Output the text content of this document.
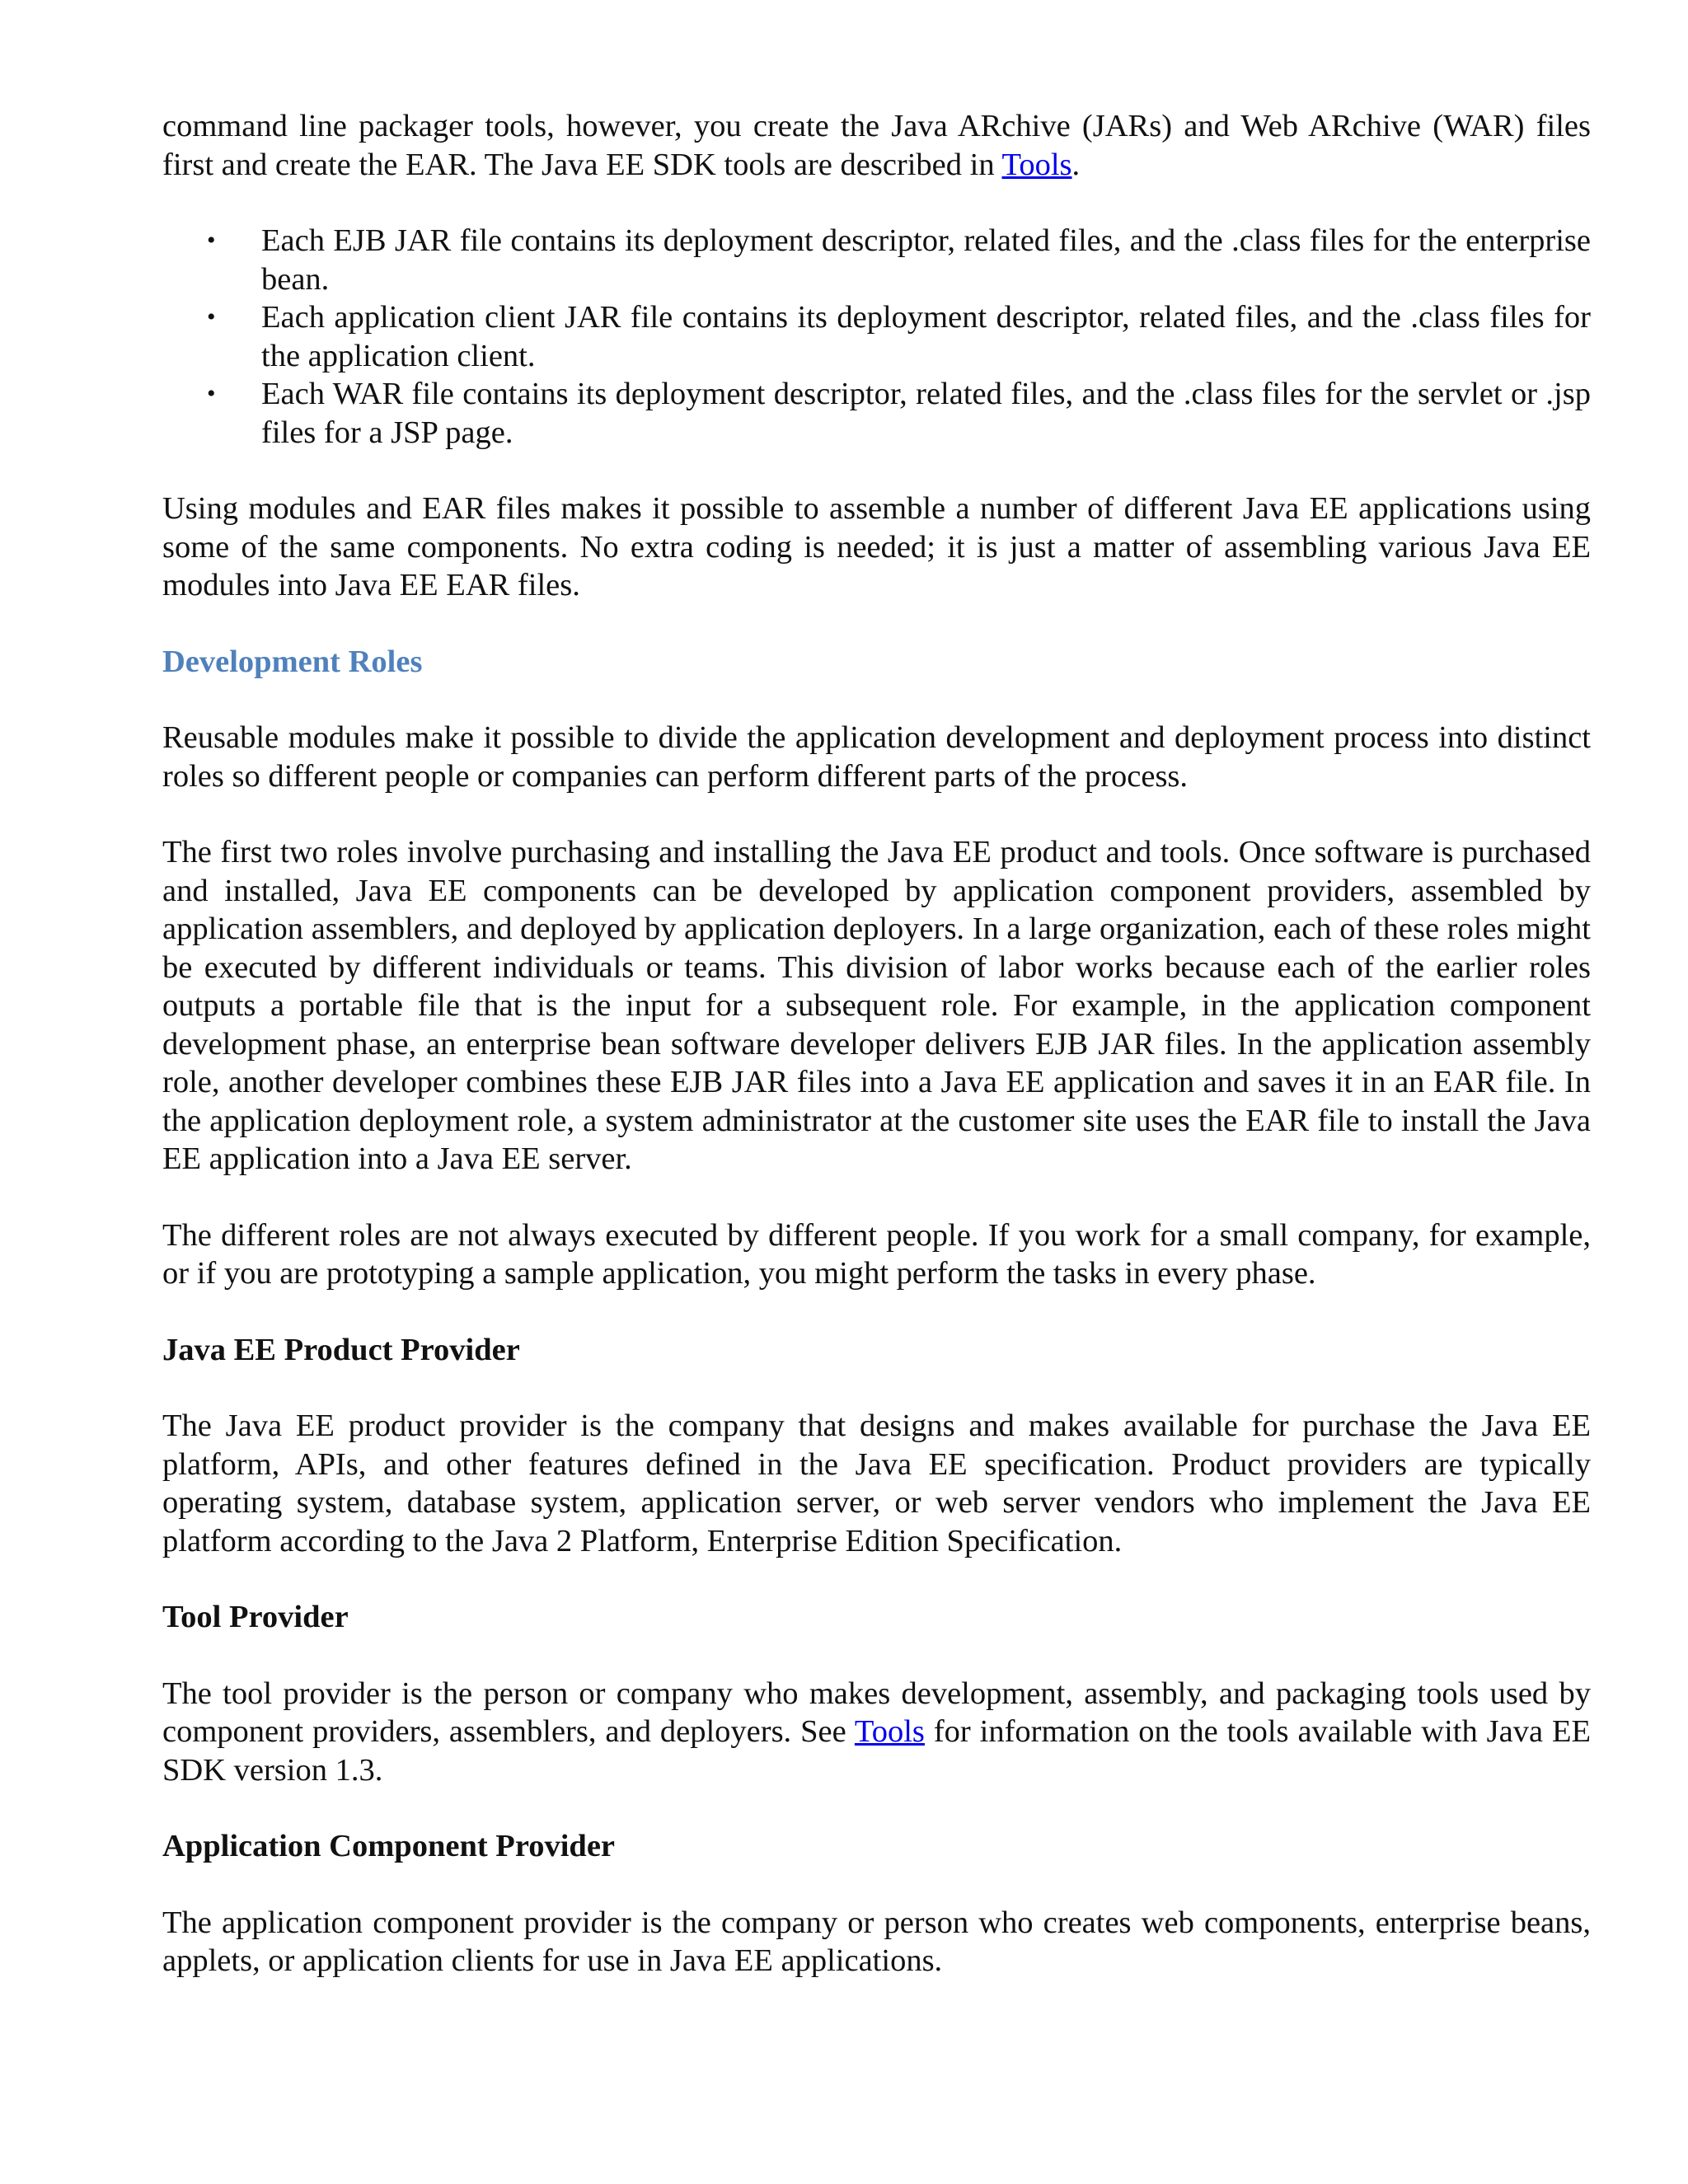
command line packager tools, however, you create the Java ARchive (JARs) and Web ARchive (WAR) files first and create the EAR. The Java EE SDK tools are described in Tools.

• Each EJB JAR file contains its deployment descriptor, related files, and the .class files for the enterprise bean.
• Each application client JAR file contains its deployment descriptor, related files, and the .class files for the application client.
• Each WAR file contains its deployment descriptor, related files, and the .class files for the servlet or .jsp files for a JSP page.

Using modules and EAR files makes it possible to assemble a number of different Java EE applications using some of the same components. No extra coding is needed; it is just a matter of assembling various Java EE modules into Java EE EAR files.

Development Roles

Reusable modules make it possible to divide the application development and deployment process into distinct roles so different people or companies can perform different parts of the process.

The first two roles involve purchasing and installing the Java EE product and tools. Once software is purchased and installed, Java EE components can be developed by application component providers, assembled by application assemblers, and deployed by application deployers. In a large organization, each of these roles might be executed by different individuals or teams. This division of labor works because each of the earlier roles outputs a portable file that is the input for a subsequent role. For example, in the application component development phase, an enterprise bean software developer delivers EJB JAR files. In the application assembly role, another developer combines these EJB JAR files into a Java EE application and saves it in an EAR file. In the application deployment role, a system administrator at the customer site uses the EAR file to install the Java EE application into a Java EE server.

The different roles are not always executed by different people. If you work for a small company, for example, or if you are prototyping a sample application, you might perform the tasks in every phase.

Java EE Product Provider

The Java EE product provider is the company that designs and makes available for purchase the Java EE platform, APIs, and other features defined in the Java EE specification. Product providers are typically operating system, database system, application server, or web server vendors who implement the Java EE platform according to the Java 2 Platform, Enterprise Edition Specification.

Tool Provider

The tool provider is the person or company who makes development, assembly, and packaging tools used by component providers, assemblers, and deployers. See Tools for information on the tools available with Java EE SDK version 1.3.

Application Component Provider

The application component provider is the company or person who creates web components, enterprise beans, applets, or application clients for use in Java EE applications.
